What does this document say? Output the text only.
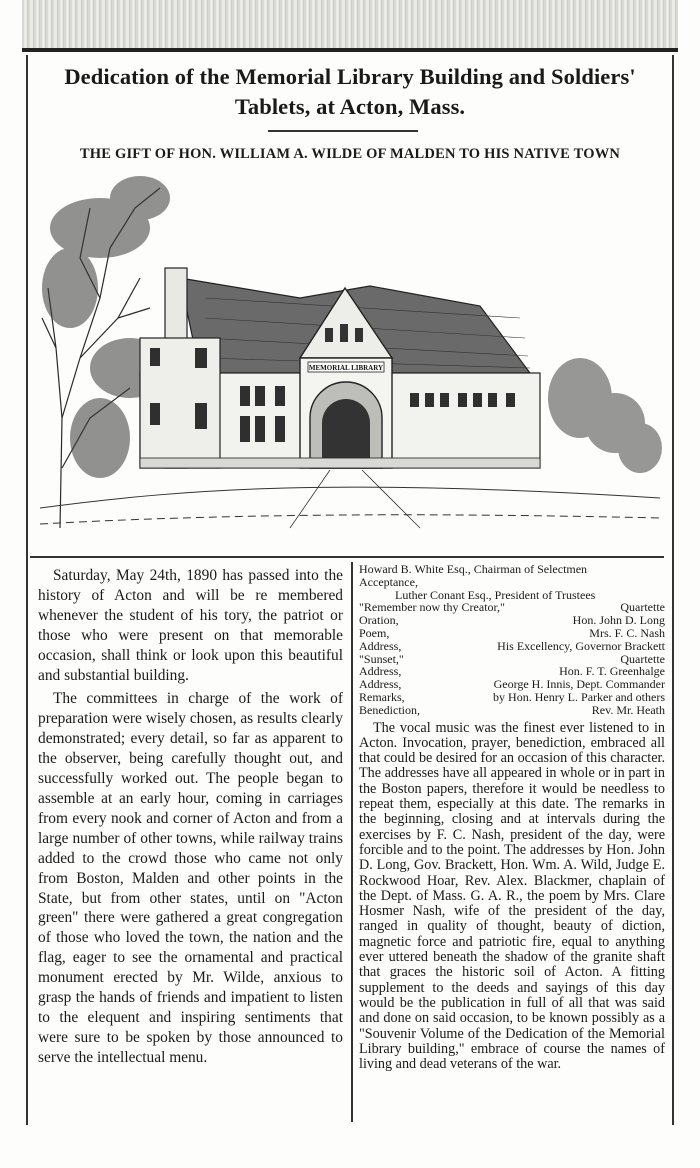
Dedication of the Memorial Library Building and Soldiers'
Tablets, at Acton, Mass.
THE GIFT OF HON. WILLIAM A. WILDE OF MALDEN TO HIS NATIVE TOWN
MEMORIAL LIBRARY

Saturday, May 24th, 1890 has passed into the history of Acton and will be re membered whenever the student of his tory, the patriot or those who were present on that memorable occasion, shall think or look upon this beautiful and substantial building.

The committees in charge of the work of preparation were wisely chosen, as results clearly demonstrated; every detail, so far as apparent to the observer, being carefully thought out, and successfully worked out. The people began to assemble at an early hour, coming in carriages from every nook and corner of Acton and from a large number of other towns, while railway trains added to the crowd those who came not only from Boston, Malden and other points in the State, but from other states, until on "Acton green" there were gathered a great congregation of those who loved the town, the nation and the flag, eager to see the ornamental and practical monument erected by Mr. Wilde, anxious to grasp the hands of friends and impatient to listen to the elequent and inspiring sentiments that were sure to be spoken by those announced to serve the intellectual menu.

Howard B. White Esq., Chairman of Selectmen
Acceptance,
Luther Conant Esq., President of Trustees
"Remember now thy Creator,"	Quartette
Oration,	Hon. John D. Long
Poem,	Mrs. F. C. Nash
Address,	His Excellency, Governor Brackett
"Sunset,"	Quartette
Address,	Hon. F. T. Greenhalge
Address,	George H. Innis, Dept. Commander
Remarks,	by Hon. Henry L. Parker and others
Benediction,	Rev. Mr. Heath

The vocal music was the finest ever listened to in Acton. Invocation, prayer, benediction, embraced all that could be desired for an occasion of this character. The addresses have all appeared in whole or in part in the Boston papers, therefore it would be needless to repeat them, especially at this date. The remarks in the beginning, closing and at intervals during the exercises by F. C. Nash, president of the day, were forcible and to the point. The addresses by Hon. John D. Long, Gov. Brackett, Hon. Wm. A. Wild, Judge E. Rockwood Hoar, Rev. Alex. Blackmer, chaplain of the Dept. of Mass. G. A. R., the poem by Mrs. Clare Hosmer Nash, wife of the president of the day, ranged in quality of thought, beauty of diction, magnetic force and patriotic fire, equal to anything ever uttered beneath the shadow of the granite shaft that graces the historic soil of Acton. A fitting supplement to the deeds and sayings of this day would be the publication in full of all that was said and done on said occasion, to be known possibly as a "Souvenir Volume of the Dedication of the Memorial Library building," embrace of course the names of living and dead veterans of the war.
